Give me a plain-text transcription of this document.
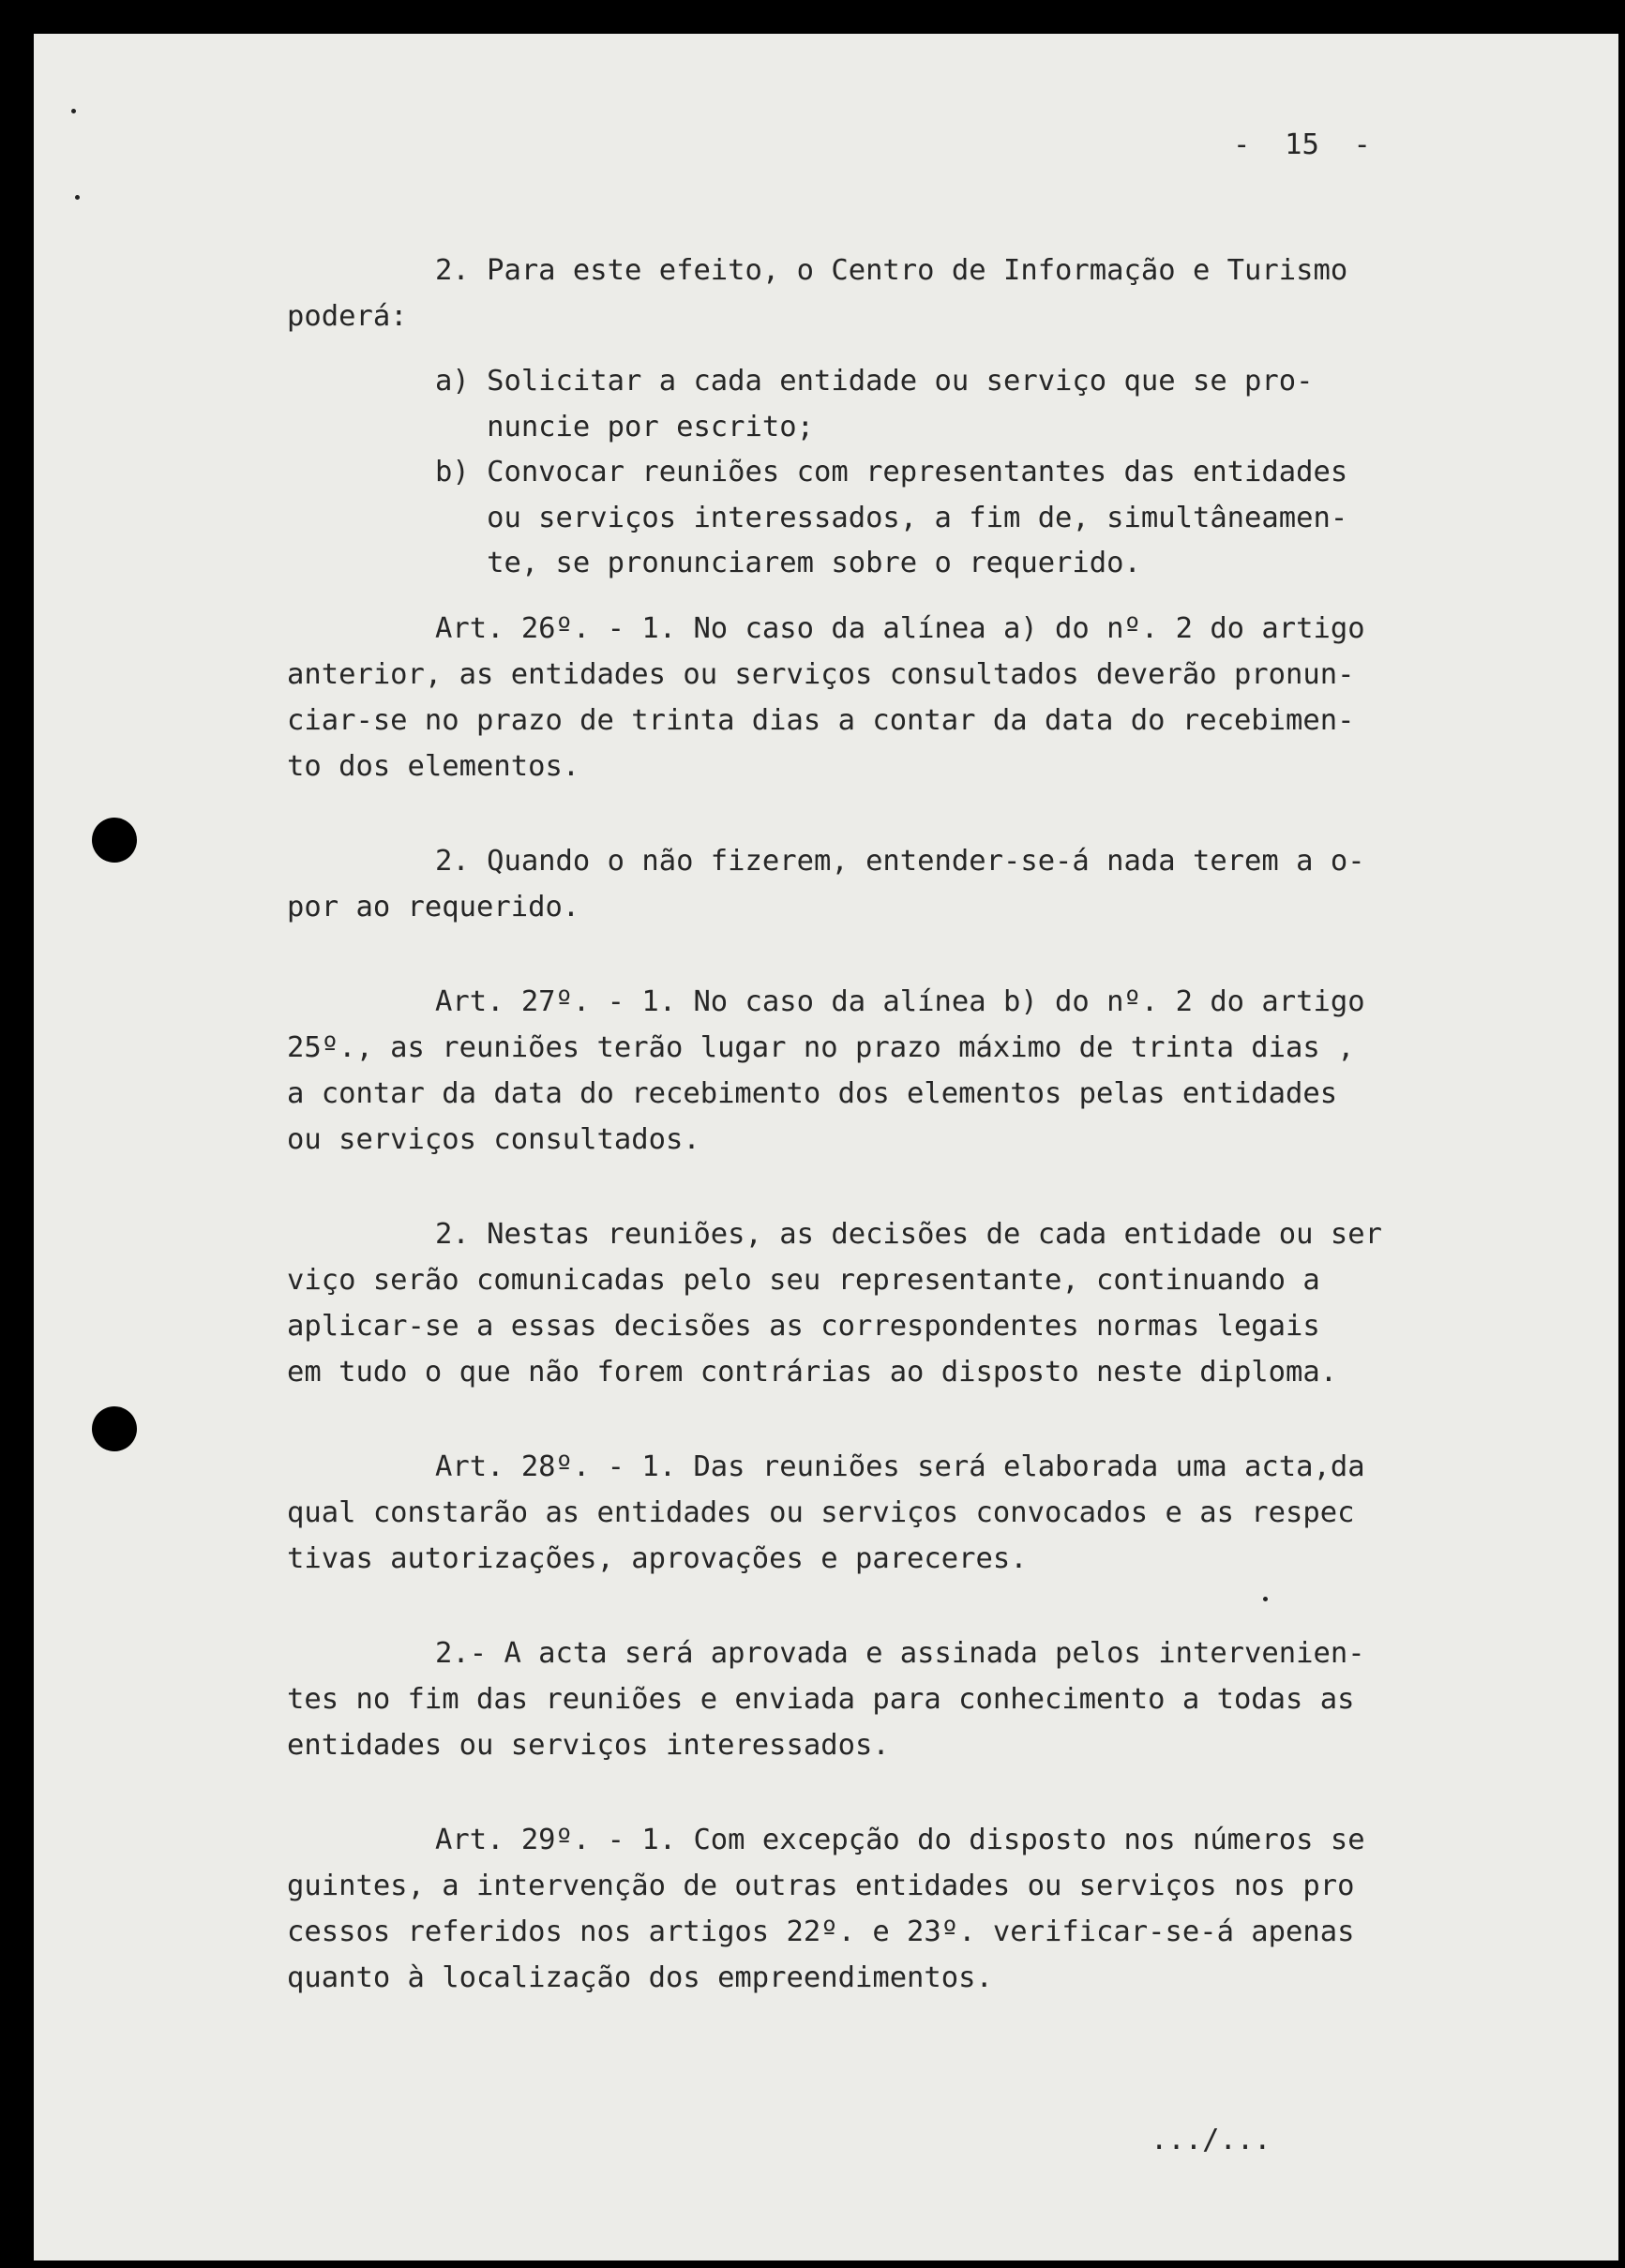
-  15  -
2. Para este efeito, o Centro de Informação e Turismo
poderá:
a) Solicitar a cada entidade ou serviço que se pro-
nuncie por escrito;
b) Convocar reuniões com representantes das entidades
ou serviços interessados, a fim de, simultâneamen-
te, se pronunciarem sobre o requerido.
Art. 26º. - 1. No caso da alínea a) do nº. 2 do artigo
anterior, as entidades ou serviços consultados deverão pronun-
ciar-se no prazo de trinta dias a contar da data do recebimen-
to dos elementos.
2. Quando o não fizerem, entender-se-á nada terem a o-
por ao requerido.
Art. 27º. - 1. No caso da alínea b) do nº. 2 do artigo
25º., as reuniões terão lugar no prazo máximo de trinta dias ,
a contar da data do recebimento dos elementos pelas entidades
ou serviços consultados.
2. Nestas reuniões, as decisões de cada entidade ou ser
viço serão comunicadas pelo seu representante, continuando a
aplicar-se a essas decisões as correspondentes normas legais
em tudo o que não forem contrárias ao disposto neste diploma.
Art. 28º. - 1. Das reuniões será elaborada uma acta,da
qual constarão as entidades ou serviços convocados e as respec
tivas autorizações, aprovações e pareceres.
2.- A acta será aprovada e assinada pelos intervenien-
tes no fim das reuniões e enviada para conhecimento a todas as
entidades ou serviços interessados.
Art. 29º. - 1. Com excepção do disposto nos números se
guintes, a intervenção de outras entidades ou serviços nos pro
cessos referidos nos artigos 22º. e 23º. verificar-se-á apenas
quanto à localização dos empreendimentos.
.../...
